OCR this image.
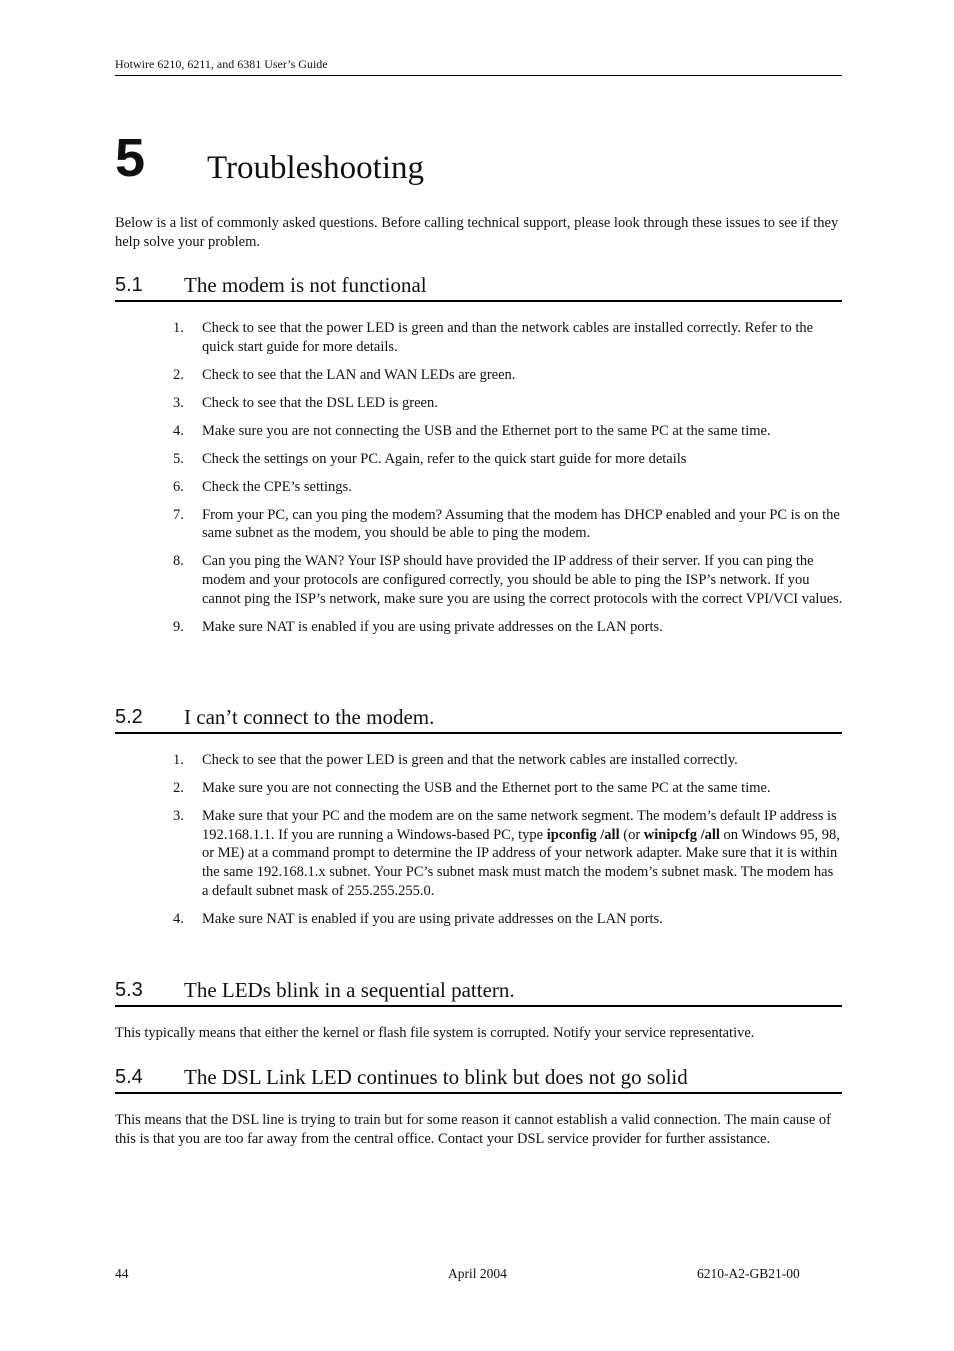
Hotwire 6210, 6211, and 6381 User’s Guide
5 Troubleshooting

Below is a list of commonly asked questions. Before calling technical support, please look through these issues to see if they help solve your problem.

5.1 The modem is not functional
1. Check to see that the power LED is green and than the network cables are installed correctly. Refer to the quick start guide for more details.
2. Check to see that the LAN and WAN LEDs are green.
3. Check to see that the DSL LED is green.
4. Make sure you are not connecting the USB and the Ethernet port to the same PC at the same time.
5. Check the settings on your PC. Again, refer to the quick start guide for more details
6. Check the CPE’s settings.
7. From your PC, can you ping the modem? Assuming that the modem has DHCP enabled and your PC is on the same subnet as the modem, you should be able to ping the modem.
8. Can you ping the WAN? Your ISP should have provided the IP address of their server. If you can ping the modem and your protocols are configured correctly, you should be able to ping the ISP’s network. If you cannot ping the ISP’s network, make sure you are using the correct protocols with the correct VPI/VCI values.
9. Make sure NAT is enabled if you are using private addresses on the LAN ports.
5.2 I can’t connect to the modem.
1. Check to see that the power LED is green and that the network cables are installed correctly.
2. Make sure you are not connecting the USB and the Ethernet port to the same PC at the same time.
3. Make sure that your PC and the modem are on the same network segment. The modem’s default IP address is 192.168.1.1. If you are running a Windows-based PC, type ipconfig /all (or winipcfg /all on Windows 95, 98, or ME) at a command prompt to determine the IP address of your network adapter. Make sure that it is within the same 192.168.1.x subnet. Your PC’s subnet mask must match the modem’s subnet mask. The modem has a default subnet mask of 255.255.255.0.
4. Make sure NAT is enabled if you are using private addresses on the LAN ports.
5.3 The LEDs blink in a sequential pattern.

This typically means that either the kernel or flash file system is corrupted. Notify your service representative.

5.4 The DSL Link LED continues to blink but does not go solid

This means that the DSL line is trying to train but for some reason it cannot establish a valid connection. The main cause of this is that you are too far away from the central office. Contact your DSL service provider for further assistance.

44	April 2004	6210-A2-GB21-00
